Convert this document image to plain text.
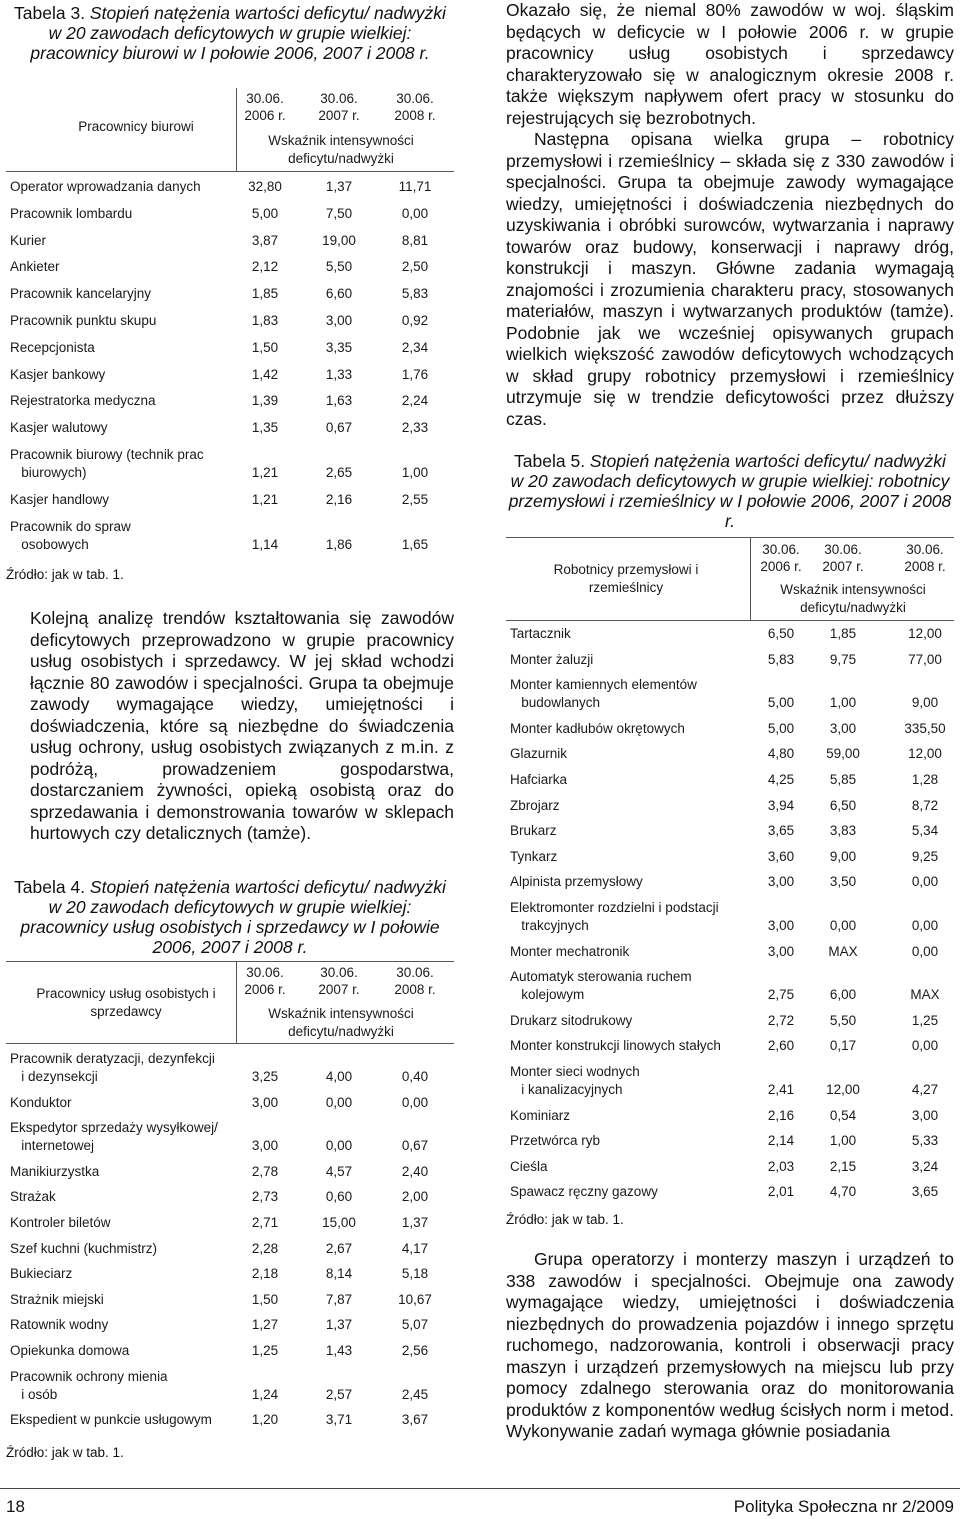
Tabela 3. Stopień natężenia wartości deficytu/ nadwyżki w 20 zawodach deficytowych w grupie wielkiej: pracownicy biurowi w I połowie 2006, 2007 i 2008 r.
Pracownicy biurowi
30.06. 2006 r.
30.06. 2007 r.
30.06. 2008 r.
Wskaźnik intensywności deficytu/nadwyżki
Operator wprowadzania danych	32,80	1,37	11,71
Pracownik lombardu	5,00	7,50	0,00
Kurier	3,87	19,00	8,81
Ankieter	2,12	5,50	2,50
Pracownik kancelaryjny	1,85	6,60	5,83
Pracownik punktu skupu	1,83	3,00	0,92
Recepcjonista	1,50	3,35	2,34
Kasjer bankowy	1,42	1,33	1,76
Rejestratorka medyczna	1,39	1,63	2,24
Kasjer walutowy	1,35	0,67	2,33
Pracownik biurowy (technik prac
biurowych)	1,21	2,65	1,00
Kasjer handlowy	1,21	2,16	2,55
Pracownik do spraw
osobowych	1,14	1,86	1,65
Źródło: jak w tab. 1.

Kolejną analizę trendów kształtowania się zawodów deficytowych przeprowadzono w grupie pracownicy usług osobistych i sprzedawcy. W jej skład wchodzi łącznie 80 zawodów i specjalności. Grupa ta obejmuje zawody wymagające wiedzy, umiejętności i doświadczenia, które są niezbędne do świadczenia usług ochrony, usług osobistych związanych z m.in. z podróżą, prowadzeniem gospodarstwa, dostarczaniem żywności, opieką osobistą oraz do sprzedawania i demonstrowania towarów w sklepach hurtowych czy detalicznych (tamże).

Tabela 4. Stopień natężenia wartości deficytu/ nadwyżki w 20 zawodach deficytowych w grupie wielkiej: pracownicy usług osobistych i sprzedawcy w I połowie 2006, 2007 i 2008 r.
Pracownicy usług osobistych i sprzedawcy
30.06. 2006 r.
30.06. 2007 r.
30.06. 2008 r.
Wskaźnik intensywności deficytu/nadwyżki
Pracownik deratyzacji, dezynfekcji
i dezynsekcji	3,25	4,00	0,40
Konduktor	3,00	0,00	0,00
Ekspedytor sprzedaży wysyłkowej/
internetowej	3,00	0,00	0,67
Manikiurzystka	2,78	4,57	2,40
Strażak	2,73	0,60	2,00
Kontroler biletów	2,71	15,00	1,37
Szef kuchni (kuchmistrz)	2,28	2,67	4,17
Bukieciarz	2,18	8,14	5,18
Strażnik miejski	1,50	7,87	10,67
Ratownik wodny	1,27	1,37	5,07
Opiekunka domowa	1,25	1,43	2,56
Pracownik ochrony mienia
i osób	1,24	2,57	2,45
Ekspedient w punkcie usługowym	1,20	3,71	3,67
Źródło: jak w tab. 1.

Okazało się, że niemal 80% zawodów w woj. śląskim będących w deficycie w I połowie 2006 r. w grupie pracownicy usług osobistych i sprzedawcy charakteryzowało się w analogicznym okresie 2008 r. także większym napływem ofert pracy w stosunku do rejestrujących się bezrobotnych.

Następna opisana wielka grupa – robotnicy przemysłowi i rzemieślnicy – składa się z 330 zawodów i specjalności. Grupa ta obejmuje zawody wymagające wiedzy, umiejętności i doświadczenia niezbędnych do uzyskiwania i obróbki surowców, wytwarzania i naprawy towarów oraz budowy, konserwacji i naprawy dróg, konstrukcji i maszyn. Główne zadania wymagają znajomości i zrozumienia charakteru pracy, stosowanych materiałów, maszyn i wytwarzanych produktów (tamże). Podobnie jak we wcześniej opisywanych grupach wielkich większość zawodów deficytowych wchodzących w skład grupy robotnicy przemysłowi i rzemieślnicy utrzymuje się w trendzie deficytowości przez dłuższy czas.

Tabela 5. Stopień natężenia wartości deficytu/ nadwyżki w 20 zawodach deficytowych w grupie wielkiej: robotnicy przemysłowi i rzemieślnicy w I połowie 2006, 2007 i 2008 r.
Robotnicy przemysłowi i rzemieślnicy
30.06. 2006 r.
30.06. 2007 r.
30.06. 2008 r.
Wskaźnik intensywności deficytu/nadwyżki
Tartacznik	6,50	1,85	12,00
Monter żaluzji	5,83	9,75	77,00
Monter kamiennych elementów
budowlanych	5,00	1,00	9,00
Monter kadłubów okrętowych	5,00	3,00	335,50
Glazurnik	4,80	59,00	12,00
Hafciarka	4,25	5,85	1,28
Zbrojarz	3,94	6,50	8,72
Brukarz	3,65	3,83	5,34
Tynkarz	3,60	9,00	9,25
Alpinista przemysłowy	3,00	3,50	0,00
Elektromonter rozdzielni i podstacji
trakcyjnych	3,00	0,00	0,00
Monter mechatronik	3,00	MAX	0,00
Automatyk sterowania ruchem
kolejowym	2,75	6,00	MAX
Drukarz sitodrukowy	2,72	5,50	1,25
Monter konstrukcji linowych stałych	2,60	0,17	0,00
Monter sieci wodnych
i kanalizacyjnych	2,41	12,00	4,27
Kominiarz	2,16	0,54	3,00
Przetwórca ryb	2,14	1,00	5,33
Cieśla	2,03	2,15	3,24
Spawacz ręczny gazowy	2,01	4,70	3,65
Źródło: jak w tab. 1.

Grupa operatorzy i monterzy maszyn i urządzeń to 338 zawodów i specjalności. Obejmuje ona zawody wymagające wiedzy, umiejętności i doświadczenia niezbędnych do prowadzenia pojazdów i innego sprzętu ruchomego, nadzorowania, kontroli i obserwacji pracy maszyn i urządzeń przemysłowych na miejscu lub przy pomocy zdalnego sterowania oraz do monitorowania produktów z komponentów według ścisłych norm i metod. Wykonywanie zadań wymaga głównie posiadania

18	Polityka Społeczna nr 2/2009
